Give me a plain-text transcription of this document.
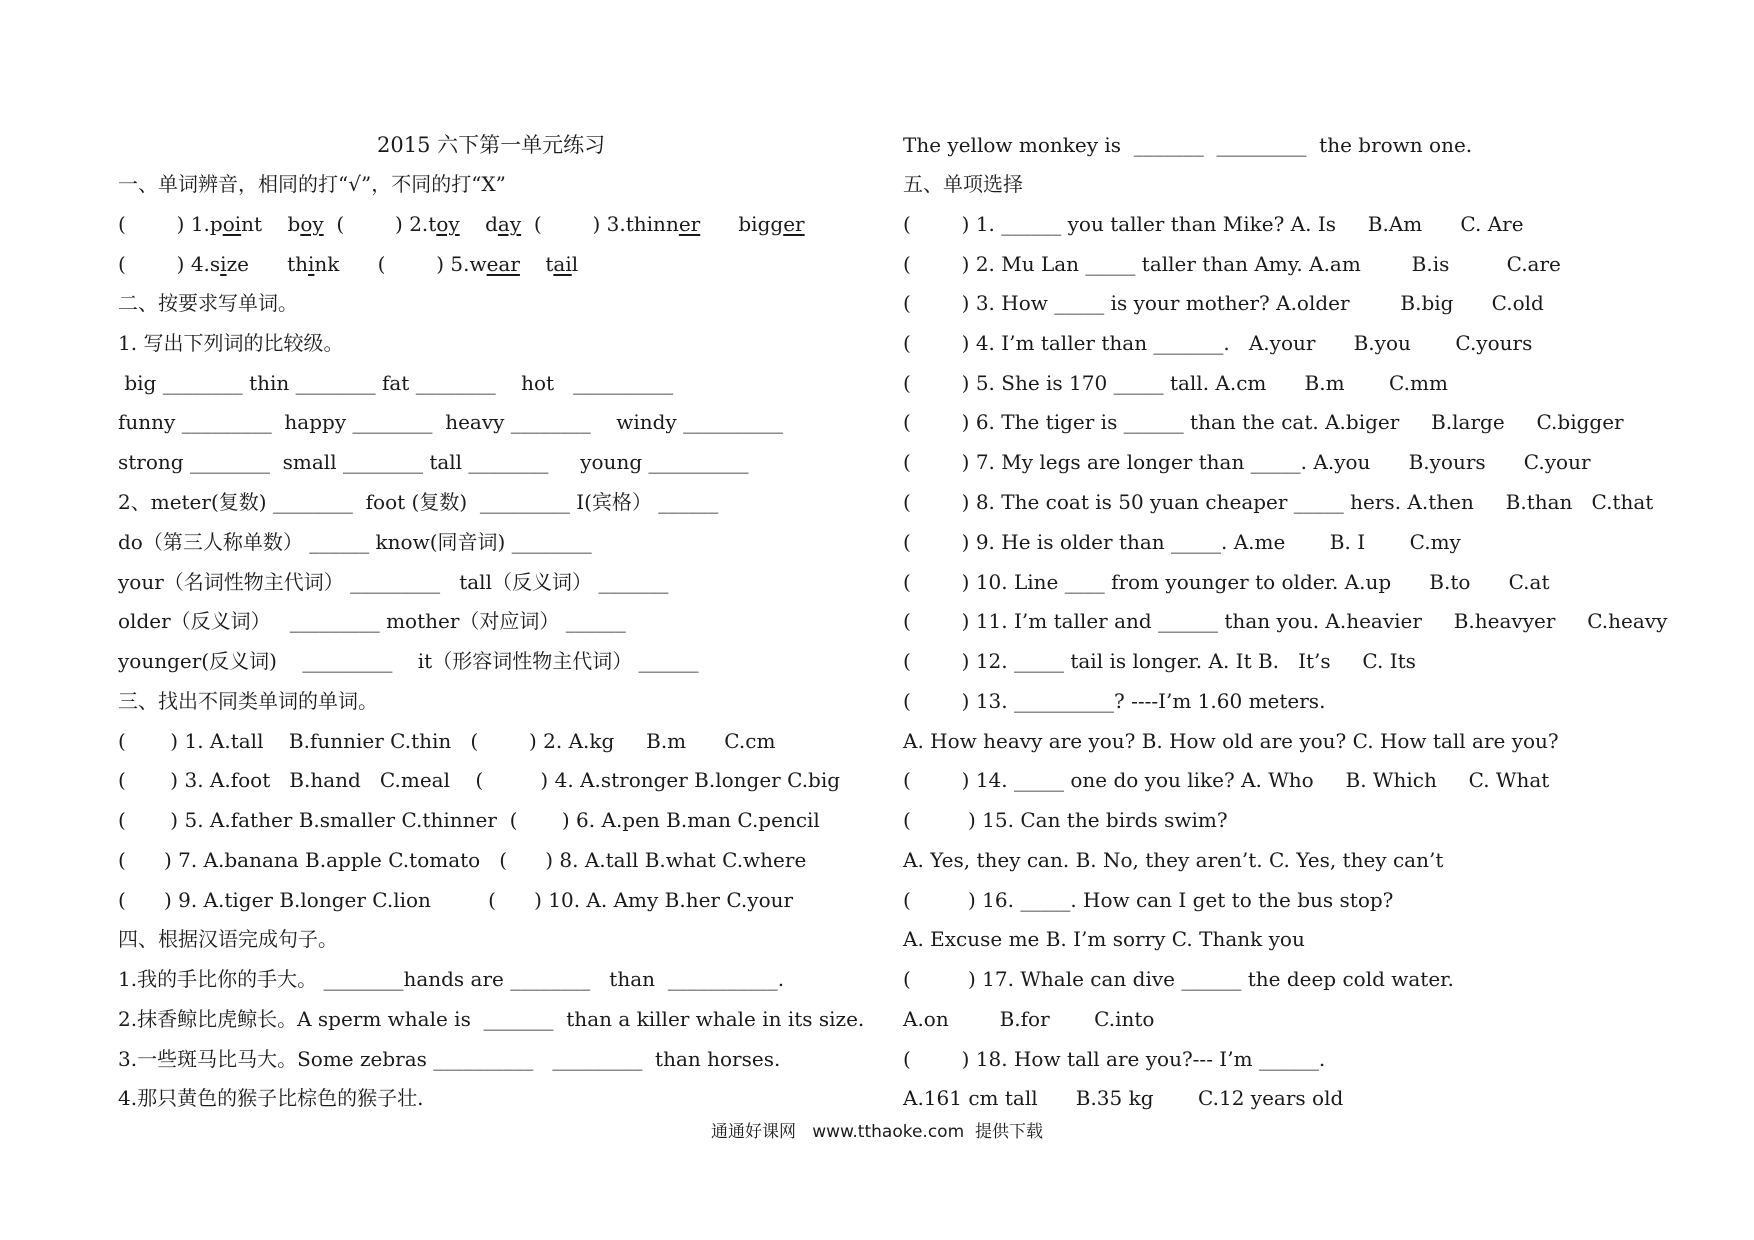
2015 六下第一单元练习
一、单词辨音，相同的打“√”，不同的打“X”
(        ) 1.point    boy  (        ) 2.toy    day  (        ) 3.thinner      bigger
(        ) 4.size      think      (        ) 5.wear    tail
二、按要求写单词。
1. 写出下列词的比较级。
big ________ thin ________ fat ________    hot   __________
funny _________  happy ________  heavy ________    windy __________
strong ________  small ________ tall ________     young __________
2、meter(复数) ________  foot (复数)  _________ I(宾格） ______
do（第三人称单数） ______ know(同音词) ________
your（名词性物主代词） _________   tall（反义词） _______
older（反义词）   _________ mother（对应词） ______
younger(反义词)    _________    it（形容词性物主代词） ______
三、找出不同类单词的单词。
(       ) 1. A.tall    B.funnier C.thin   (        ) 2. A.kg     B.m      C.cm
(       ) 3. A.foot   B.hand   C.meal    (         ) 4. A.stronger B.longer C.big
(       ) 5. A.father B.smaller C.thinner  (       ) 6. A.pen B.man C.pencil
(      ) 7. A.banana B.apple C.tomato   (      ) 8. A.tall B.what C.where
(      ) 9. A.tiger B.longer C.lion         (      ) 10. A. Amy B.her C.your
四、根据汉语完成句子。
1.我的手比你的手大。 ________hands are ________   than  ___________.
2.抹香鲸比虎鲸长。A sperm whale is  _______  than a killer whale in its size.
3.一些斑马比马大。Some zebras __________   _________  than horses.
4.那只黄色的猴子比棕色的猴子壮.
The yellow monkey is  _______  _________  the brown one.
五、单项选择
(        ) 1. ______ you taller than Mike? A. Is     B.Am      C. Are
(        ) 2. Mu Lan _____ taller than Amy. A.am        B.is         C.are
(        ) 3. How _____ is your mother? A.older        B.big      C.old
(        ) 4. I’m taller than _______.   A.your      B.you       C.yours
(        ) 5. She is 170 _____ tall. A.cm      B.m       C.mm
(        ) 6. The tiger is ______ than the cat. A.biger     B.large     C.bigger
(        ) 7. My legs are longer than _____. A.you      B.yours      C.your
(        ) 8. The coat is 50 yuan cheaper _____ hers. A.then     B.than   C.that
(        ) 9. He is older than _____. A.me       B. I       C.my
(        ) 10. Line ____ from younger to older. A.up      B.to      C.at
(        ) 11. I’m taller and ______ than you. A.heavier     B.heavyer     C.heavy
(        ) 12. _____ tail is longer. A. It B.   It’s     C. Its
(        ) 13. __________? ----I’m 1.60 meters.
A. How heavy are you? B. How old are you? C. How tall are you?
(        ) 14. _____ one do you like? A. Who     B. Which     C. What
(         ) 15. Can the birds swim?
A. Yes, they can. B. No, they aren’t. C. Yes, they can’t
(         ) 16. _____. How can I get to the bus stop?
A. Excuse me B. I’m sorry C. Thank you
(         ) 17. Whale can dive ______ the deep cold water.
A.on        B.for       C.into
(        ) 18. How tall are you?--- I’m ______.
A.161 cm tall      B.35 kg       C.12 years old
通通好课网   www.tthaoke.com  提供下载
